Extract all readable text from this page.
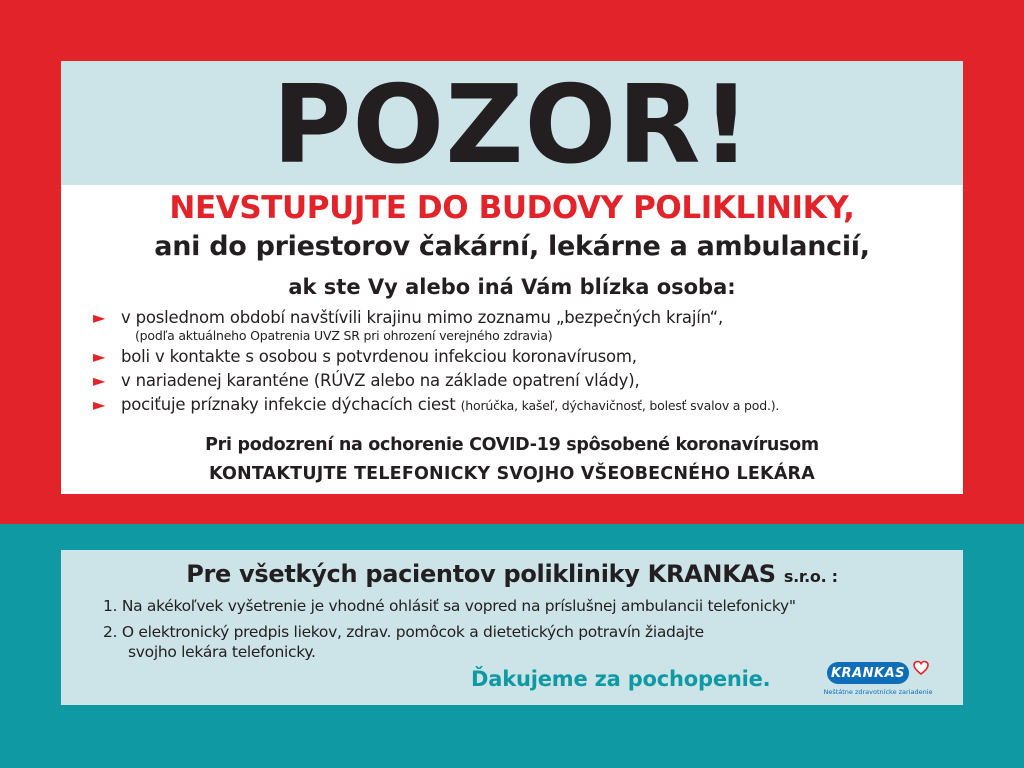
POZOR!
NEVSTUPUJTE DO BUDOVY POLIKLINIKY,
ani do priestorov čakární, lekárne a ambulancií,
ak ste Vy alebo iná Vám blízka osoba:
► v poslednom období navštívili krajinu mimo zoznamu „bezpečných krajín“,
(podľa aktuálneho Opatrenia UVZ SR pri ohrození verejného zdravia)
► boli v kontakte s osobou s potvrdenou infekciou koronavírusom,
► v nariadenej karanténe (RÚVZ alebo na základe opatrení vlády),
► pociťuje príznaky infekcie dýchacích ciest (horúčka, kašeľ, dýchavičnosť, bolesť svalov a pod.).
Pri podozrení na ochorenie COVID-19 spôsobené koronavírusom
KONTAKTUJTE TELEFONICKY SVOJHO VŠEOBECNÉHO LEKÁRA
Pre všetkých pacientov polikliniky KRANKAS s.r.o. :
1. Na akékoľvek vyšetrenie je vhodné ohlásiť sa vopred na príslušnej ambulancii telefonicky"
2. O elektronický predpis liekov, zdrav. pomôcok a dietetických potravín žiadajte
svojho lekára telefonicky.
Ďakujeme za pochopenie.	KRANKAS
Neštátne zdravotnícke zariadenie
